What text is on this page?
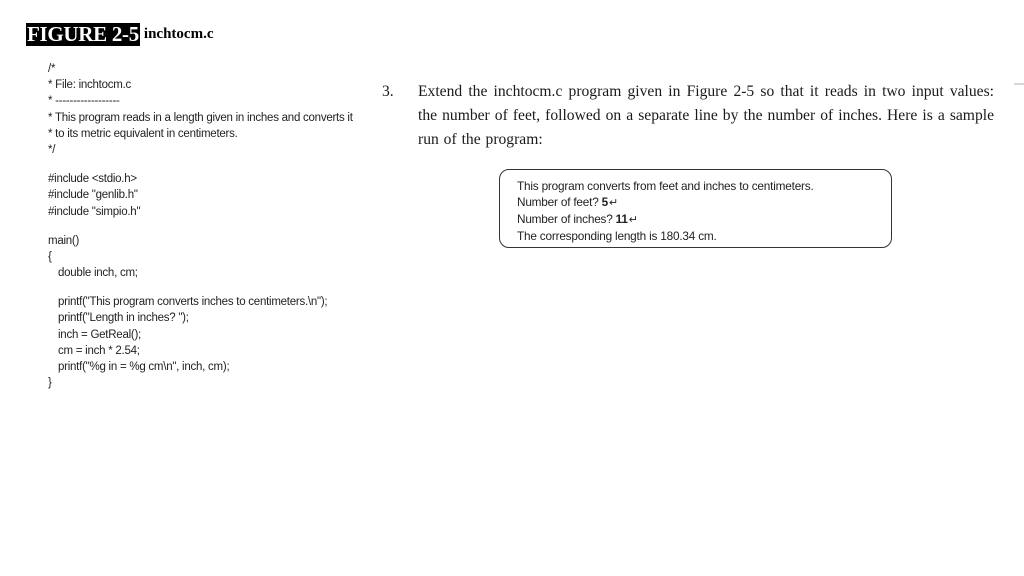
FIGURE 2-5 inchtocm.c
/*
* File: inchtocm.c
* ------------------
* This program reads in a length given in inches and converts it
* to its metric equivalent in centimeters.
*/
#include <stdio.h>
#include "genlib.h"
#include "simpio.h"
main()
{
double inch, cm;
printf("This program converts inches to centimeters.\n");
printf("Length in inches? ");
inch = GetReal();
cm = inch * 2.54;
printf("%g in = %g cm\n", inch, cm);
}
3. Extend the inchtocm.c program given in Figure 2-5 so that it reads in two input values: the number of feet, followed on a separate line by the number of inches. Here is a sample run of the program:
This program converts from feet and inches to centimeters.
Number of feet? 5↵
Number of inches? 11↵
The corresponding length is 180.34 cm.
